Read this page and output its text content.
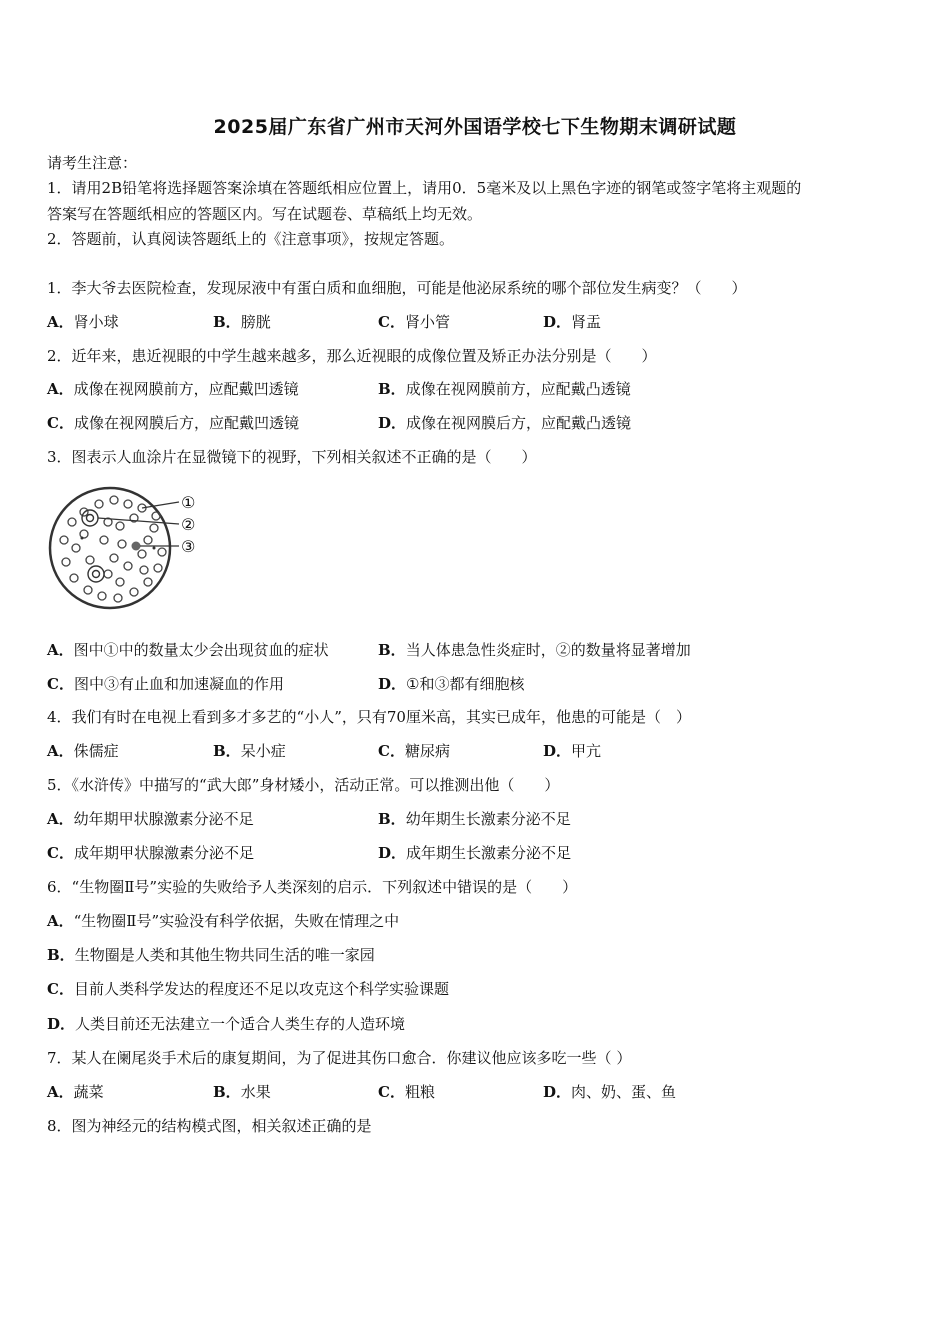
2025届广东省广州市天河外国语学校七下生物期末调研试题
请考生注意：
1．请用2B铅笔将选择题答案涂填在答题纸相应位置上，请用0．5毫米及以上黑色字迹的钢笔或签字笔将主观题的
答案写在答题纸相应的答题区内。写在试题卷、草稿纸上均无效。
2．答题前，认真阅读答题纸上的《注意事项》，按规定答题。
1．李大爷去医院检查，发现尿液中有蛋白质和血细胞，可能是他泌尿系统的哪个部位发生病变？（　　）
A．肾小球	B．膀胱	C．肾小管	D．肾盂
2．近年来，患近视眼的中学生越来越多，那么近视眼的成像位置及矫正办法分别是（　　）
A．成像在视网膜前方，应配戴凹透镜	B．成像在视网膜前方，应配戴凸透镜
C．成像在视网膜后方，应配戴凹透镜	D．成像在视网膜后方，应配戴凸透镜
3．图表示人血涂片在显微镜下的视野，下列相关叙述不正确的是（　　）
①
②
③
A．图中①中的数量太少会出现贫血的症状	B．当人体患急性炎症时，②的数量将显著增加
C．图中③有止血和加速凝血的作用	D．①和③都有细胞核
4．我们有时在电视上看到多才多艺的“小人”，只有70厘米高，其实已成年，他患的可能是（　）
A．侏儒症	B．呆小症	C．糖尿病	D．甲亢
5．《水浒传》中描写的“武大郎”身材矮小，活动正常。可以推测出他（　　）
A．幼年期甲状腺激素分泌不足	B．幼年期生长激素分泌不足
C．成年期甲状腺激素分泌不足	D．成年期生长激素分泌不足
6．“生物圈Ⅱ号”实验的失败给予人类深刻的启示．下列叙述中错误的是（　　）
A．“生物圈Ⅱ号”实验没有科学依据，失败在情理之中
B．生物圈是人类和其他生物共同生活的唯一家园
C．目前人类科学发达的程度还不足以攻克这个科学实验课题
D．人类目前还无法建立一个适合人类生存的人造环境
7．某人在阑尾炎手术后的康复期间，为了促进其伤口愈合．你建议他应该多吃一些（ ）
A．蔬菜	B．水果	C．粗粮	D．肉、奶、蛋、鱼
8．图为神经元的结构模式图，相关叙述正确的是
